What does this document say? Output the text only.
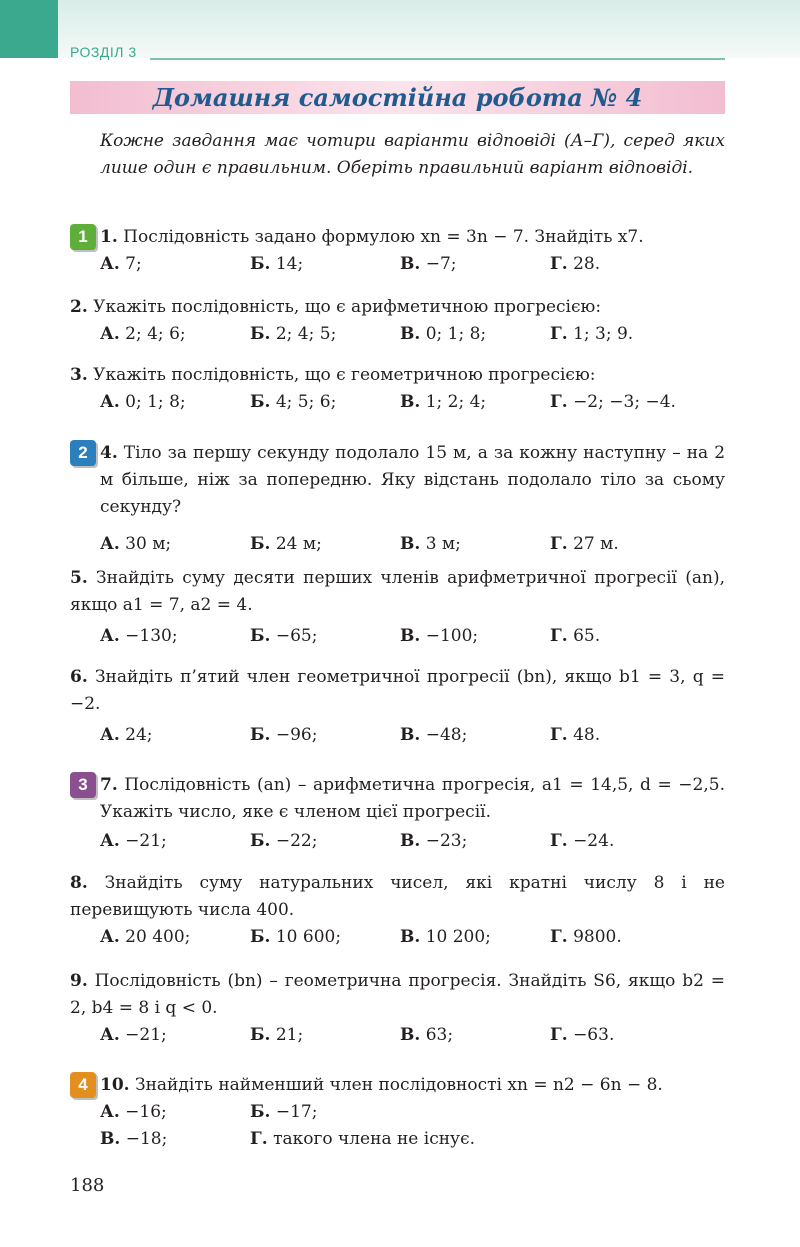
РОЗДІЛ 3
Домашня самостійна робота № 4
Кожне завдання має чотири варіанти відповіді (А–Г), серед яких лише один є правильним. Оберіть правильний варіант відповіді.
1 1. Послідовність задано формулою xn = 3n − 7. Знайдіть x7.
А. 7;	Б. 14;	В. −7;	Г. 28.
2. Укажіть послідовність, що є арифметичною прогресією:
А. 2; 4; 6;	Б. 2; 4; 5;	В. 0; 1; 8;	Г. 1; 3; 9.
3. Укажіть послідовність, що є геометричною прогресією:
А. 0; 1; 8;	Б. 4; 5; 6;	В. 1; 2; 4;	Г. −2; −3; −4.
2 4. Тіло за першу секунду подолало 15 м, а за кожну наступну – на 2 м більше, ніж за попередню. Яку відстань подолало тіло за сьому секунду?
А. 30 м;	Б. 24 м;	В. 3 м;	Г. 27 м.
5. Знайдіть суму десяти перших членів арифметричної прогресії (an), якщо a1 = 7, a2 = 4.
А. −130;	Б. −65;	В. −100;	Г. 65.
6. Знайдіть п’ятий член геометричної прогресії (bn), якщо b1 = 3, q = −2.
А. 24;	Б. −96;	В. −48;	Г. 48.
3 7. Послідовність (an) – арифметична прогресія, a1 = 14,5, d = −2,5. Укажіть число, яке є членом цієї прогресії.
А. −21;	Б. −22;	В. −23;	Г. −24.
8. Знайдіть суму натуральних чисел, які кратні числу 8 і не перевищують числа 400.
А. 20 400;	Б. 10 600;	В. 10 200;	Г. 9800.
9. Послідовність (bn) – геометрична прогресія. Знайдіть S6, якщо b2 = 2, b4 = 8 і q < 0.
А. −21;	Б. 21;	В. 63;	Г. −63.
4 10. Знайдіть найменший член послідовності xn = n2 − 6n − 8.
А. −16;	Б. −17;
В. −18;	Г. такого члена не існує.
188
